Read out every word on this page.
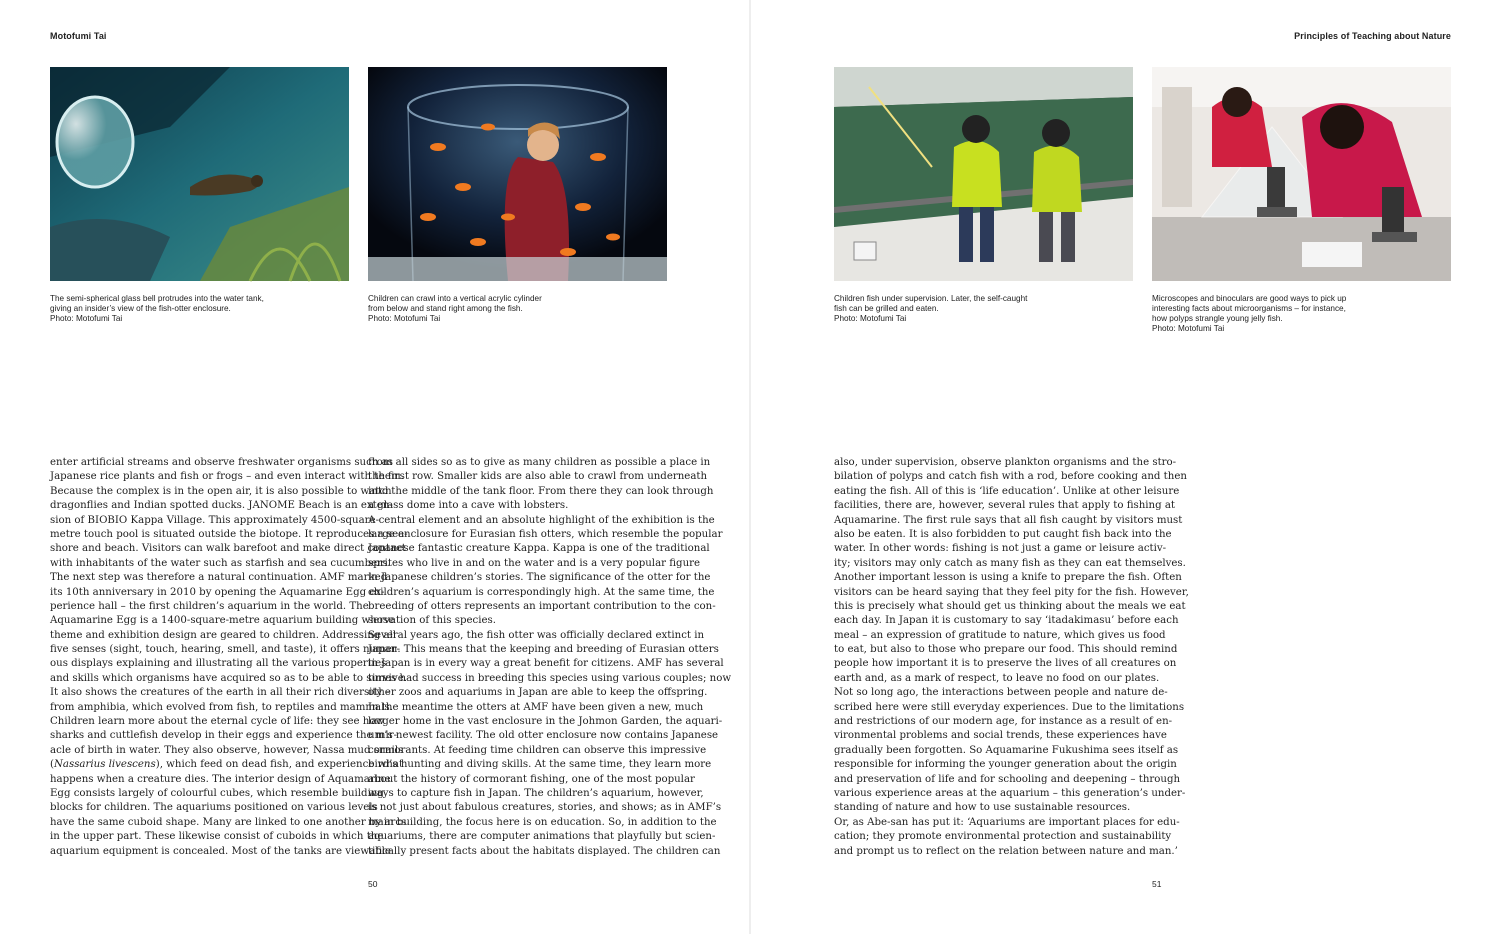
Motofumi Tai	Principles of Teaching about Nature
The semi-spherical glass bell protrudes into the water tank,
giving an insider’s view of the fish-otter enclosure.
Photo: Motofumi Tai
Children can crawl into a vertical acrylic cylinder
from below and stand right among the fish.
Photo: Motofumi Tai
Children fish under supervision. Later, the self-caught
fish can be grilled and eaten.
Photo: Motofumi Tai
Microscopes and binoculars are good ways to pick up
interesting facts about microorganisms – for instance,
how polyps strangle young jelly fish.
Photo: Motofumi Tai
enter artificial streams and observe freshwater organisms such as
Japanese rice plants and fish or frogs – and even interact with them.
Because the complex is in the open air, it is also possible to watch
dragonflies and Indian spotted ducks. JANOME Beach is an exten-
sion of BIOBIO Kappa Village. This approximately 4500-square-
metre touch pool is situated outside the biotope. It reproduces a sea-
shore and beach. Visitors can walk barefoot and make direct contact
with inhabitants of the water such as starfish and sea cucumbers.
The next step was therefore a natural continuation. AMF marked
its 10th anniversary in 2010 by opening the Aquamarine Egg ex-
perience hall – the first children’s aquarium in the world. The
Aquamarine Egg is a 1400-square-metre aquarium building whose
theme and exhibition design are geared to children. Addressing all
five senses (sight, touch, hearing, smell, and taste), it offers numer-
ous displays explaining and illustrating all the various properties
and skills which organisms have acquired so as to be able to survive.
It also shows the creatures of the earth in all their rich diversity –
from amphibia, which evolved from fish, to reptiles and mammals.
Children learn more about the eternal cycle of life: they see how
sharks and cuttlefish develop in their eggs and experience the mir-
acle of birth in water. They also observe, however, Nassa mud snails
(Nassarius livescens), which feed on dead fish, and experience what
happens when a creature dies. The interior design of Aquamarine
Egg consists largely of colourful cubes, which resemble building
blocks for children. The aquariums positioned on various levels
have the same cuboid shape. Many are linked to one another by arcs
in the upper part. These likewise consist of cuboids in which the
aquarium equipment is concealed. Most of the tanks are viewable
from all sides so as to give as many children as possible a place in
the first row. Smaller kids are also able to crawl from underneath
into the middle of the tank floor. From there they can look through
a glass dome into a cave with lobsters.
A central element and an absolute highlight of the exhibition is the
large enclosure for Eurasian fish otters, which resemble the popular
Japanese fantastic creature Kappa. Kappa is one of the traditional
sprites who live in and on the water and is a very popular figure
in Japanese children’s stories. The significance of the otter for the
children’s aquarium is correspondingly high. At the same time, the
breeding of otters represents an important contribution to the con-
servation of this species.
Several years ago, the fish otter was officially declared extinct in
Japan. This means that the keeping and breeding of Eurasian otters
in Japan is in every way a great benefit for citizens. AMF has several
times had success in breeding this species using various couples; now
other zoos and aquariums in Japan are able to keep the offspring.
In the meantime the otters at AMF have been given a new, much
larger home in the vast enclosure in the Johmon Garden, the aquari-
um’s newest facility. The old otter enclosure now contains Japanese
cormorants. At feeding time children can observe this impressive
bird’s hunting and diving skills. At the same time, they learn more
about the history of cormorant fishing, one of the most popular
ways to capture fish in Japan. The children’s aquarium, however,
is not just about fabulous creatures, stories, and shows; as in AMF’s
main building, the focus here is on education. So, in addition to the
aquariums, there are computer animations that playfully but scien-
tifically present facts about the habitats displayed. The children can
also, under supervision, observe plankton organisms and the stro-
bilation of polyps and catch fish with a rod, before cooking and then
eating the fish. All of this is ‘life education’. Unlike at other leisure
facilities, there are, however, several rules that apply to fishing at
Aquamarine. The first rule says that all fish caught by visitors must
also be eaten. It is also forbidden to put caught fish back into the
water. In other words: fishing is not just a game or leisure activ-
ity; visitors may only catch as many fish as they can eat themselves.
Another important lesson is using a knife to prepare the fish. Often
visitors can be heard saying that they feel pity for the fish. However,
this is precisely what should get us thinking about the meals we eat
each day. In Japan it is customary to say ‘itadakimasu’ before each
meal – an expression of gratitude to nature, which gives us food
to eat, but also to those who prepare our food. This should remind
people how important it is to preserve the lives of all creatures on
earth and, as a mark of respect, to leave no food on our plates.
Not so long ago, the interactions between people and nature de-
scribed here were still everyday experiences. Due to the limitations
and restrictions of our modern age, for instance as a result of en-
vironmental problems and social trends, these experiences have
gradually been forgotten. So Aquamarine Fukushima sees itself as
responsible for informing the younger generation about the origin
and preservation of life and for schooling and deepening – through
various experience areas at the aquarium – this generation’s under-
standing of nature and how to use sustainable resources.
Or, as Abe-san has put it: ‘Aquariums are important places for edu-
cation; they promote environmental protection and sustainability
and prompt us to reflect on the relation between nature and man.’
50	51
